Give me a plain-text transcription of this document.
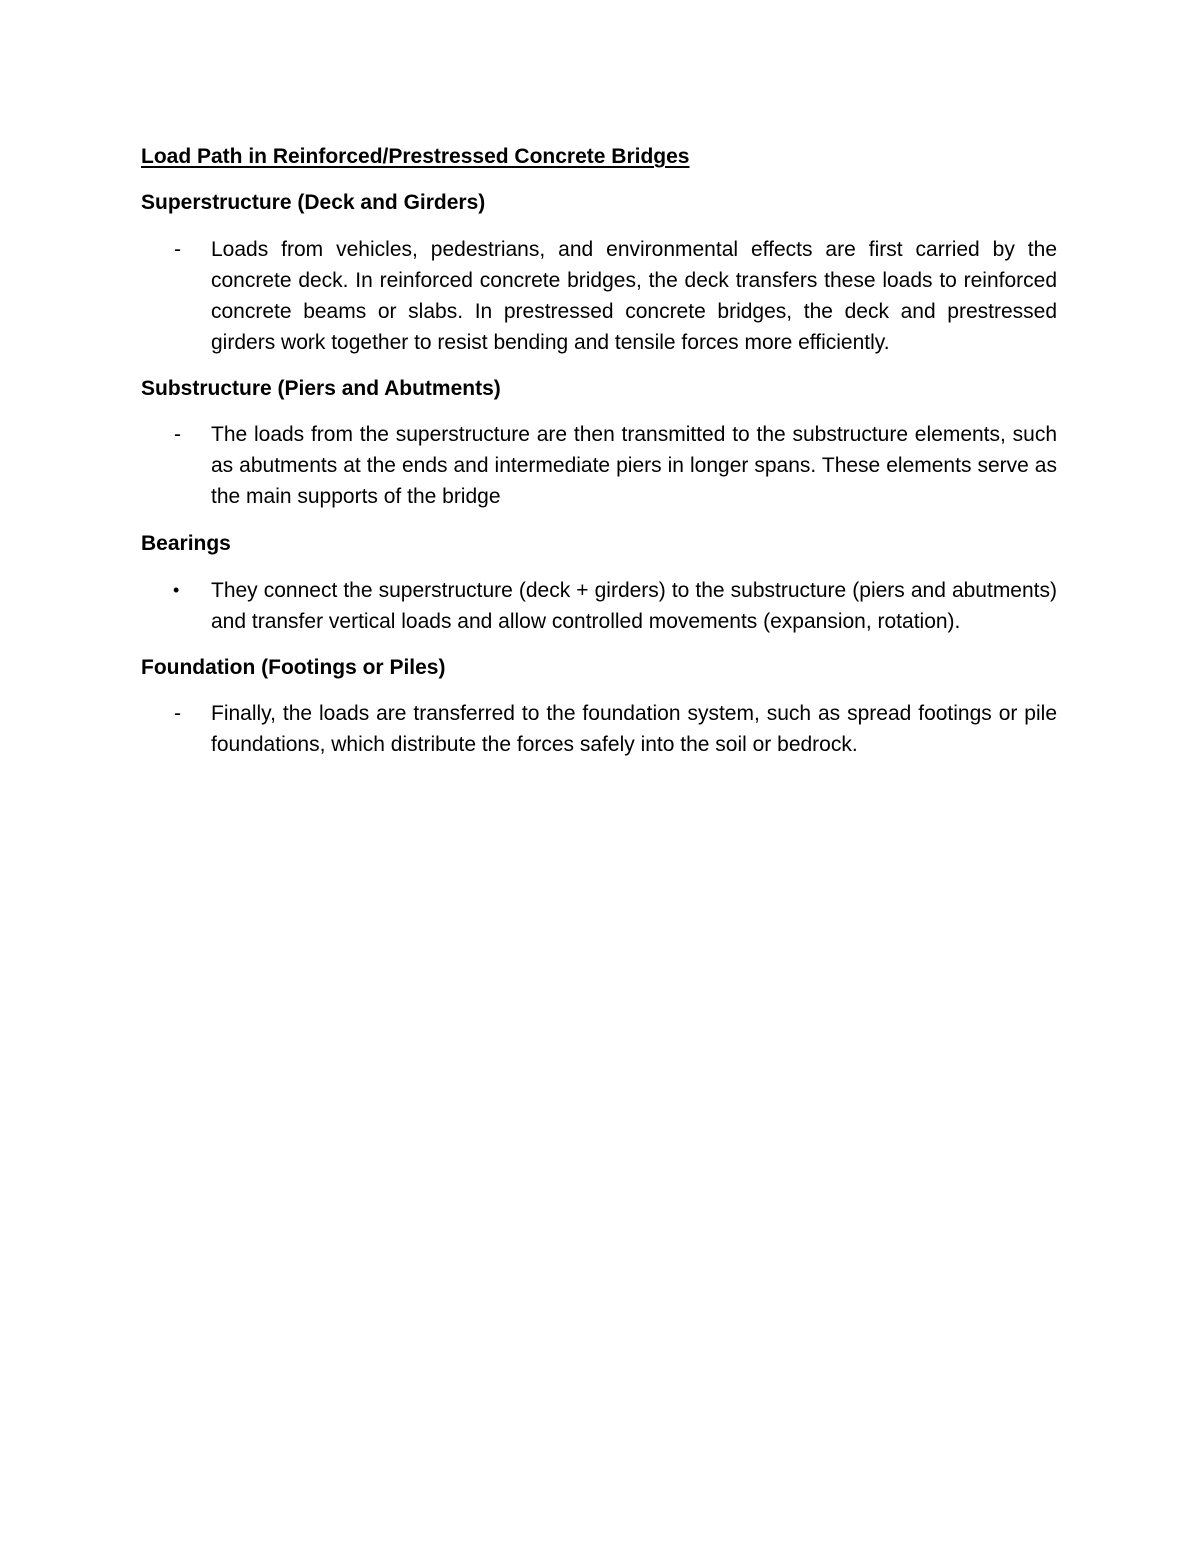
Load Path in Reinforced/Prestressed Concrete Bridges

Superstructure (Deck and Girders)

-	Loads from vehicles, pedestrians, and environmental effects are first carried by the concrete deck. In reinforced concrete bridges, the deck transfers these loads to reinforced concrete beams or slabs. In prestressed concrete bridges, the deck and prestressed girders work together to resist bending and tensile forces more efficiently.

Substructure (Piers and Abutments)

-	The loads from the superstructure are then transmitted to the substructure elements, such as abutments at the ends and intermediate piers in longer spans. These elements serve as the main supports of the bridge

Bearings

•	They connect the superstructure (deck + girders) to the substructure (piers and abutments) and transfer vertical loads and allow controlled movements (expansion, rotation).

Foundation (Footings or Piles)

-	Finally, the loads are transferred to the foundation system, such as spread footings or pile foundations, which distribute the forces safely into the soil or bedrock.
